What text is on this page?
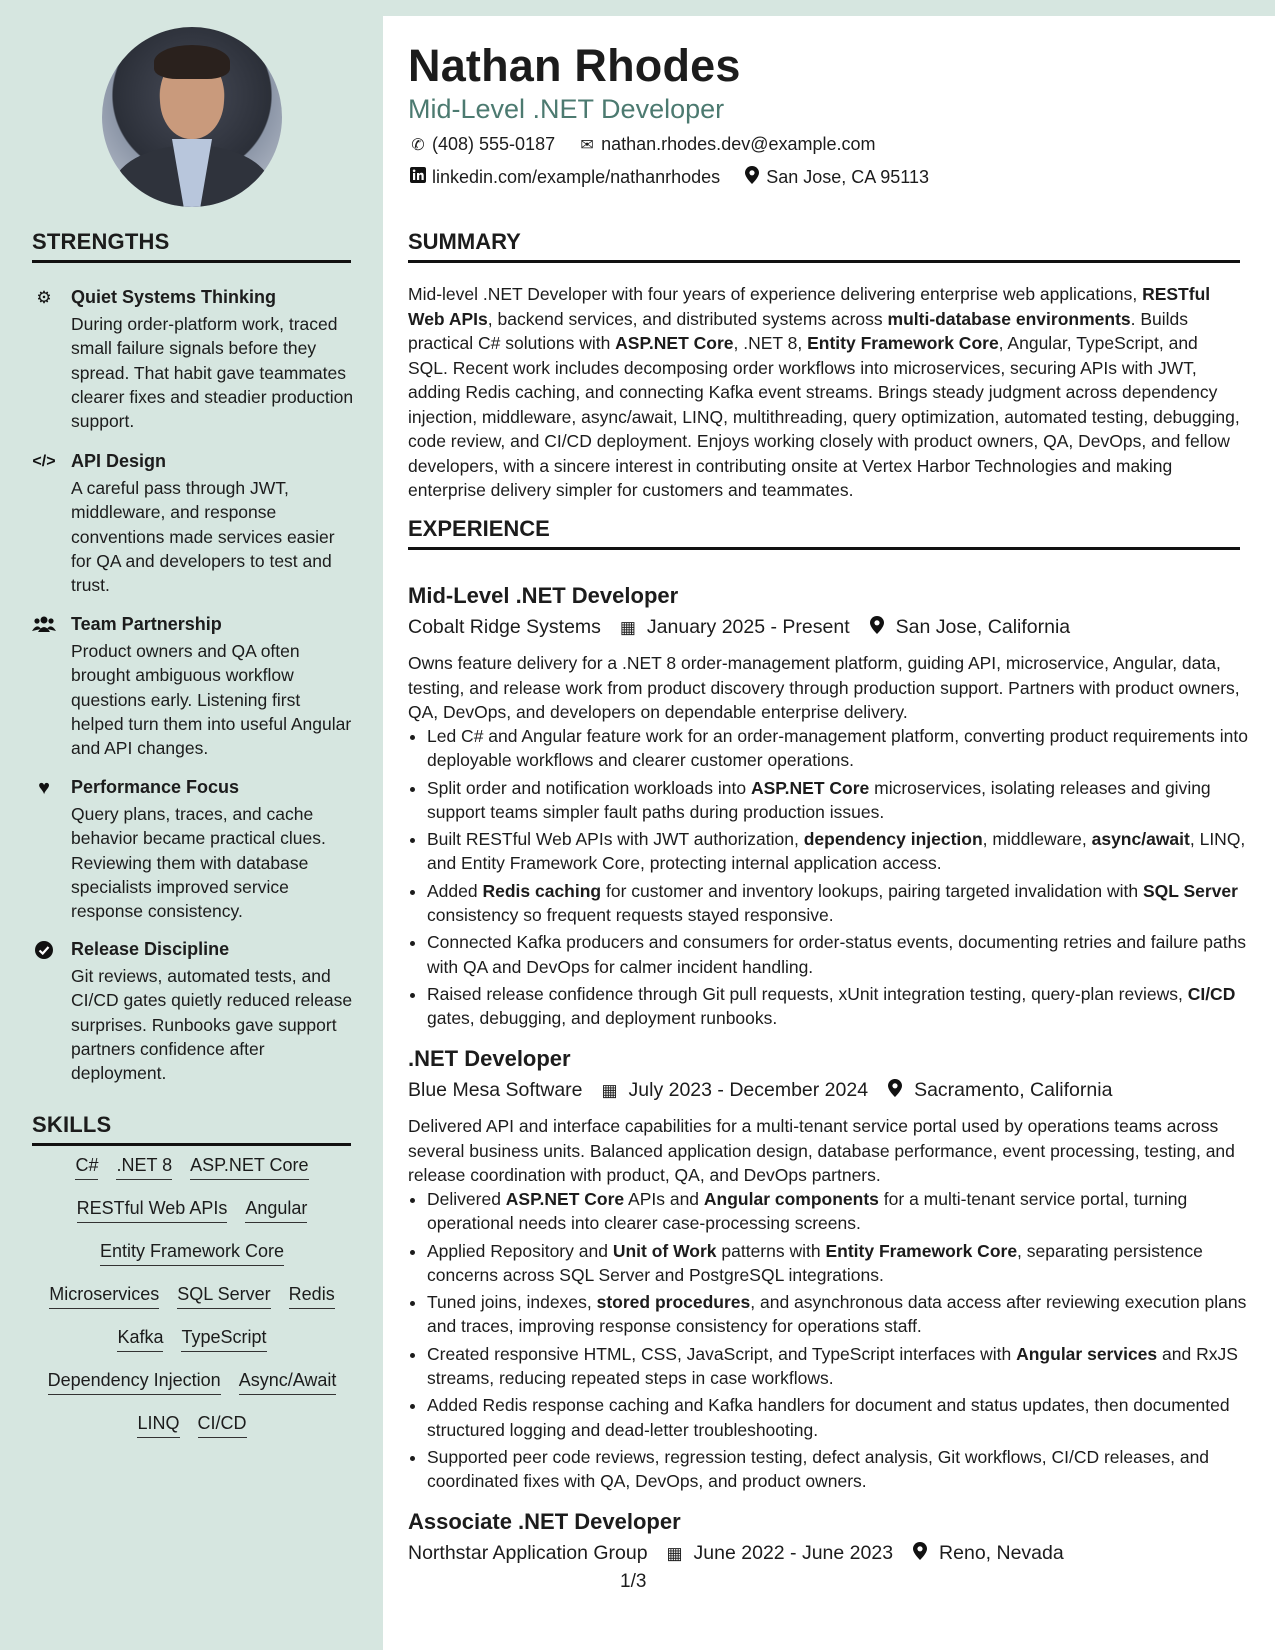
STRENGTHS
⚙ Quiet Systems Thinking
During order-platform work, traced small failure signals before they spread. That habit gave teammates clearer fixes and steadier production support.
</> API Design
A careful pass through JWT, middleware, and response conventions made services easier for QA and developers to test and trust.
Team Partnership
Product owners and QA often brought ambiguous workflow questions early. Listening first helped turn them into useful Angular and API changes.
♥	Performance Focus
Query plans, traces, and cache behavior became practical clues. Reviewing them with database specialists improved service response consistency.
Release Discipline
Git reviews, automated tests, and CI/CD gates quietly reduced release surprises. Runbooks gave support partners confidence after deployment.
SKILLS
C# .NET 8 ASP.NET Core
RESTful Web APIs Angular
Entity Framework Core
Microservices SQL Server Redis
Kafka TypeScript
Dependency Injection Async/Await
LINQ CI/CD
Nathan Rhodes
Mid-Level .NET Developer
✆ (408) 555-0187 ✉ nathan.rhodes.dev@example.com
linkedin.com/example/nathanrhodes	San Jose, CA 95113
SUMMARY
Mid-level .NET Developer with four years of experience delivering enterprise web applications, RESTful Web APIs, backend services, and distributed systems across multi-database environments. Builds practical C# solutions with ASP.NET Core, .NET 8, Entity Framework Core, Angular, TypeScript, and SQL. Recent work includes decomposing order workflows into microservices, securing APIs with JWT, adding Redis caching, and connecting Kafka event streams. Brings steady judgment across dependency injection, middleware, async/await, LINQ, multithreading, query optimization, automated testing, debugging, code review, and CI/CD deployment. Enjoys working closely with product owners, QA, DevOps, and fellow developers, with a sincere interest in contributing onsite at Vertex Harbor Technologies and making enterprise delivery simpler for customers and teammates.
EXPERIENCE
Mid-Level .NET Developer
Cobalt Ridge Systems ▦ January 2025 - Present San Jose, California
Owns feature delivery for a .NET 8 order-management platform, guiding API, microservice, Angular, data, testing, and release work from product discovery through production support. Partners with product owners, QA, DevOps, and developers on dependable enterprise delivery.
• Led C# and Angular feature work for an order-management platform, converting product requirements into deployable workflows and clearer customer operations.
• Split order and notification workloads into ASP.NET Core microservices, isolating releases and giving support teams simpler fault paths during production issues.
• Built RESTful Web APIs with JWT authorization, dependency injection, middleware, async/await, LINQ, and Entity Framework Core, protecting internal application access.
• Added Redis caching for customer and inventory lookups, pairing targeted invalidation with SQL Server consistency so frequent requests stayed responsive.
• Connected Kafka producers and consumers for order-status events, documenting retries and failure paths with QA and DevOps for calmer incident handling.
• Raised release confidence through Git pull requests, xUnit integration testing, query-plan reviews, CI/CD gates, debugging, and deployment runbooks.
.NET Developer
Blue Mesa Software ▦ July 2023 - December 2024 Sacramento, California
Delivered API and interface capabilities for a multi-tenant service portal used by operations teams across several business units. Balanced application design, database performance, event processing, testing, and release coordination with product, QA, and DevOps partners.
• Delivered ASP.NET Core APIs and Angular components for a multi-tenant service portal, turning operational needs into clearer case-processing screens.
• Applied Repository and Unit of Work patterns with Entity Framework Core, separating persistence concerns across SQL Server and PostgreSQL integrations.
• Tuned joins, indexes, stored procedures, and asynchronous data access after reviewing execution plans and traces, improving response consistency for operations staff.
• Created responsive HTML, CSS, JavaScript, and TypeScript interfaces with Angular services and RxJS streams, reducing repeated steps in case workflows.
• Added Redis response caching and Kafka handlers for document and status updates, then documented structured logging and dead-letter troubleshooting.
• Supported peer code reviews, regression testing, defect analysis, Git workflows, CI/CD releases, and coordinated fixes with QA, DevOps, and product owners.
Associate .NET Developer
Northstar Application Group ▦ June 2022 - June 2023 Reno, Nevada
1/3
